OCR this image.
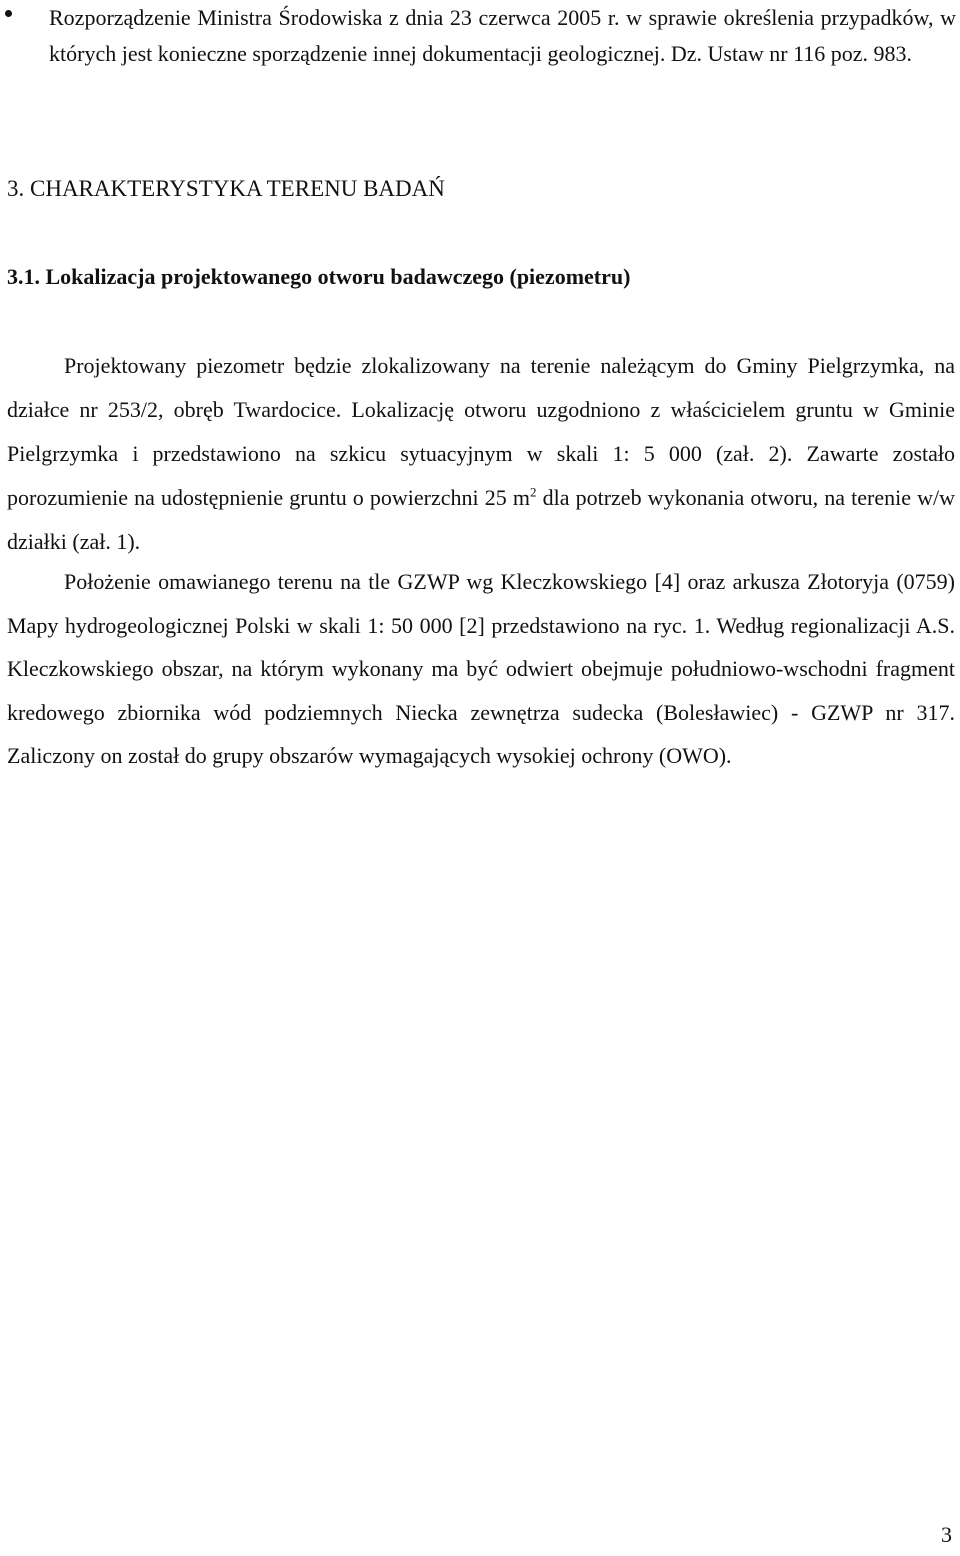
Rozporządzenie Ministra Środowiska z dnia 23 czerwca 2005 r. w sprawie określenia przypadków, w których jest konieczne sporządzenie innej dokumentacji geologicznej. Dz. Ustaw nr 116 poz. 983.
3. CHARAKTERYSTYKA TERENU BADAŃ
3.1. Lokalizacja projektowanego otworu badawczego (piezometru)
Projektowany piezometr będzie zlokalizowany na terenie należącym do Gminy Pielgrzymka, na działce nr 253/2, obręb Twardocice. Lokalizację otworu uzgodniono z właścicielem gruntu w Gminie Pielgrzymka i przedstawiono na szkicu sytuacyjnym w skali 1: 5 000 (zał. 2). Zawarte zostało porozumienie na udostępnienie gruntu o powierzchni 25 $m^2$ dla potrzeb wykonania otworu, na terenie w/w działki (zał. 1).
Położenie omawianego terenu na tle GZWP wg Kleczkowskiego [4] oraz arkusza Złotoryja (0759) Mapy hydrogeologicznej Polski w skali 1: 50 000 [2] przedstawiono na ryc. 1. Według regionalizacji A.S. Kleczkowskiego obszar, na którym wykonany ma być odwiert obejmuje południowo-wschodni fragment kredowego zbiornika wód podziemnych Niecka zewnętrza sudecka (Bolesławiec) - GZWP nr 317. Zaliczony on został do grupy obszarów wymagających wysokiej ochrony (OWO).
3
